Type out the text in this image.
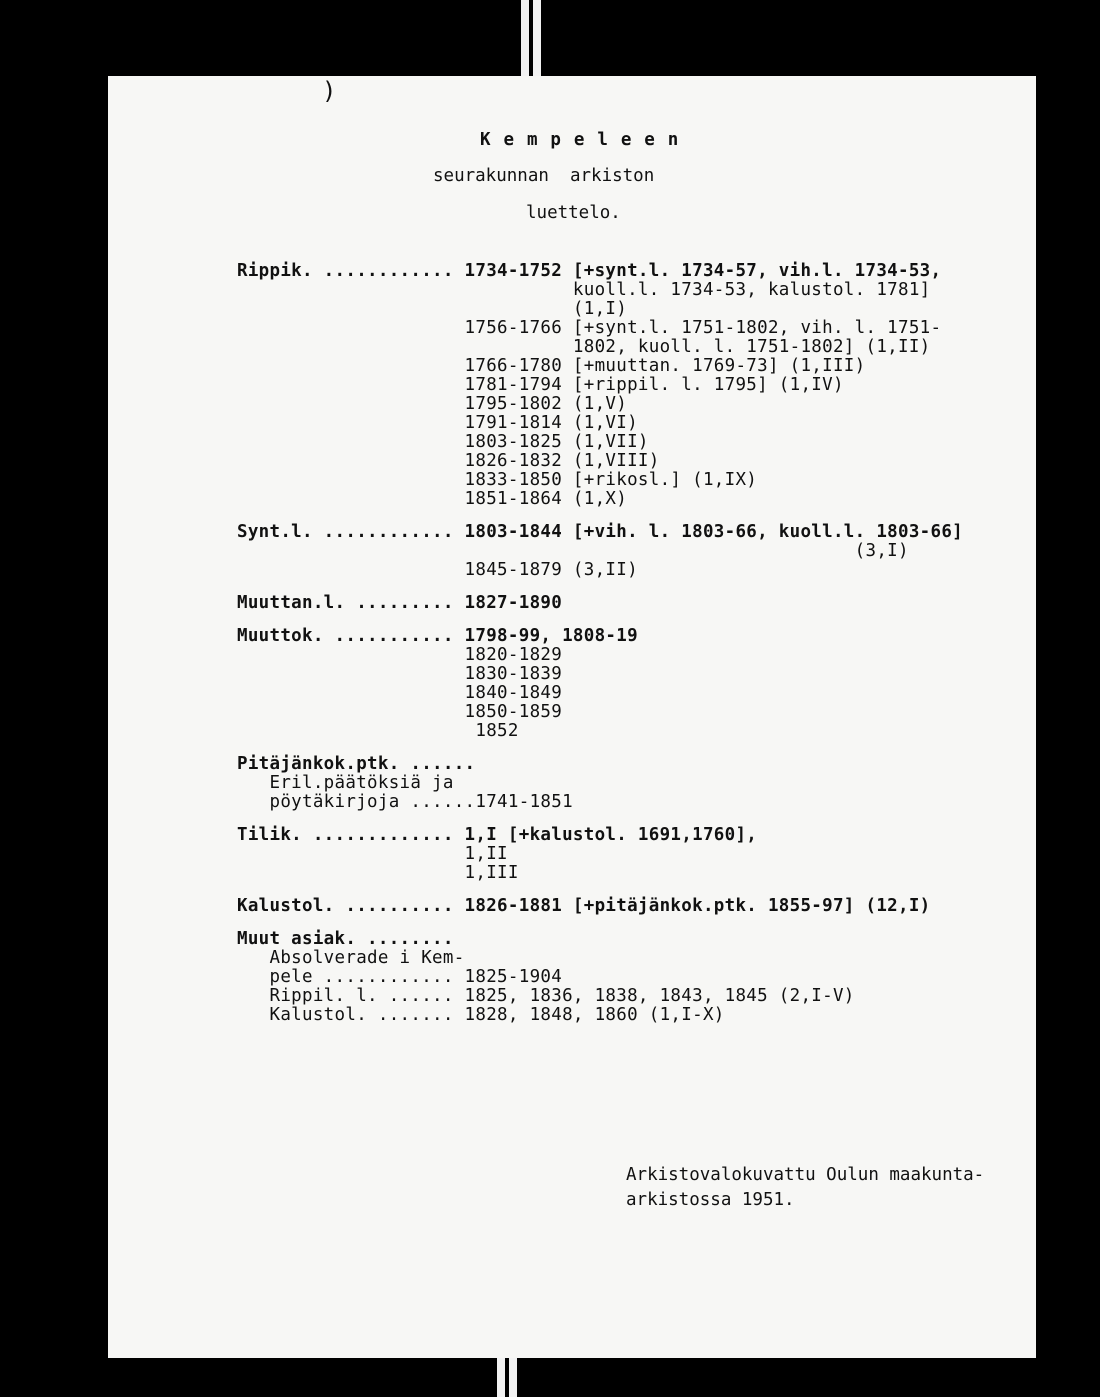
)
K e m p e l e e n
seurakunnan  arkiston
luettelo.
Rippik. ............ 1734-1752 [+synt.l. 1734-57, vih.l. 1734-53,
kuoll.l. 1734-53, kalustol. 1781]
(1,I)
1756-1766 [+synt.l. 1751-1802, vih. l. 1751-
1802, kuoll. l. 1751-1802] (1,II)
1766-1780 [+muuttan. 1769-73] (1,III)
1781-1794 [+rippil. l. 1795] (1,IV)
1795-1802 (1,V)
1791-1814 (1,VI)
1803-1825 (1,VII)
1826-1832 (1,VIII)
1833-1850 [+rikosl.] (1,IX)
1851-1864 (1,X)
Synt.l. ............ 1803-1844 [+vih. l. 1803-66, kuoll.l. 1803-66]
(3,I)
1845-1879 (3,II)
Muuttan.l. ......... 1827-1890
Muuttok. ........... 1798-99, 1808-19
1820-1829
1830-1839
1840-1849
1850-1859
1852
Pitäjänkok.ptk. ......
Eril.päätöksiä ja
pöytäkirjoja ......1741-1851
Tilik. ............. 1,I [+kalustol. 1691,1760],
1,II
1,III
Kalustol. .......... 1826-1881 [+pitäjänkok.ptk. 1855-97] (12,I)
Muut asiak. ........
Absolverade i Kem-
pele ............ 1825-1904
Rippil. l. ...... 1825, 1836, 1838, 1843, 1845 (2,I-V)
Kalustol. ....... 1828, 1848, 1860 (1,I-X)
Arkistovalokuvattu Oulun maakunta-
arkistossa 1951.
